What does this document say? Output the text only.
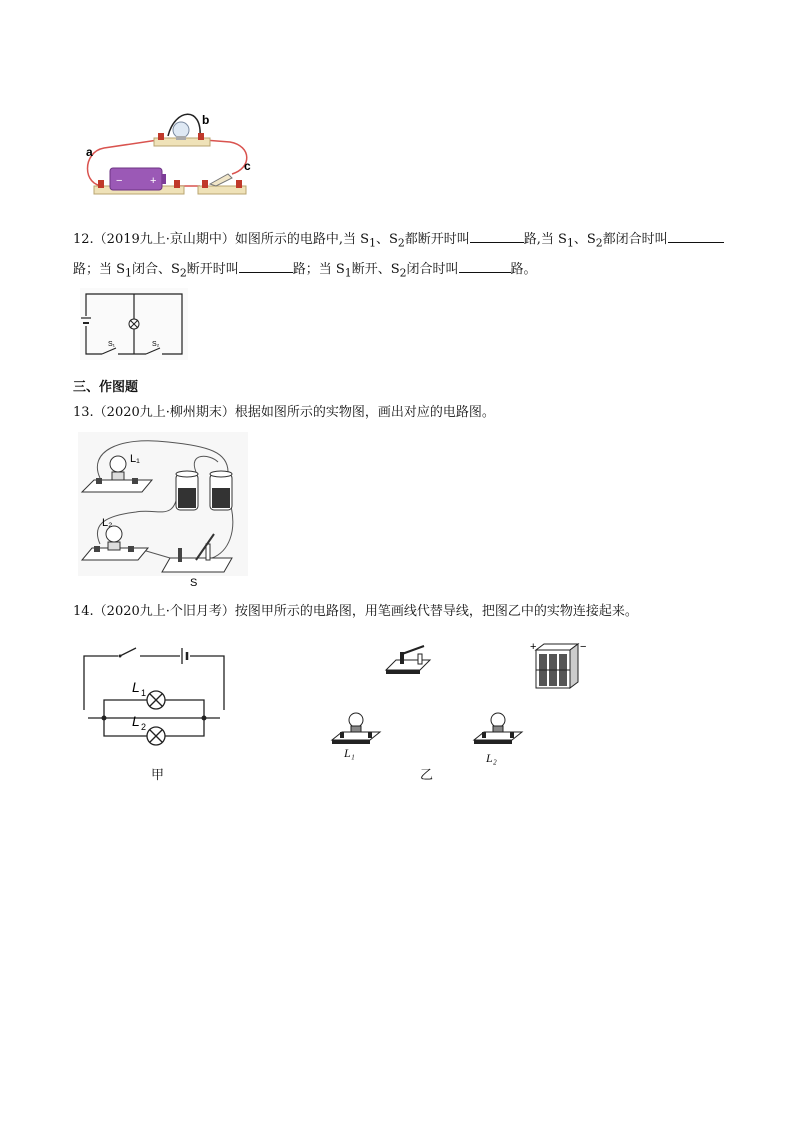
−	+
a
b
c
12.（2019九上·京山期中）如图所示的电路中,当 $S_1$、$S_2$都断开时叫	路,当 $S_1$、$S_2$都闭合时叫
路；当 $S_1$闭合、$S_2$断开时叫	路；当 $S_1$断开、$S_2$闭合时叫	路。
S₁	S₂
三、作图题
13.（2020九上·柳州期末）根据如图所示的实物图，画出对应的电路图。
L₁
L₂
S
14.（2020九上·个旧月考）按图甲所示的电路图，用笔画线代替导线，把图乙中的实物连接起来。
L 1
L 2
甲
+	−
L₁	L₂
乙
